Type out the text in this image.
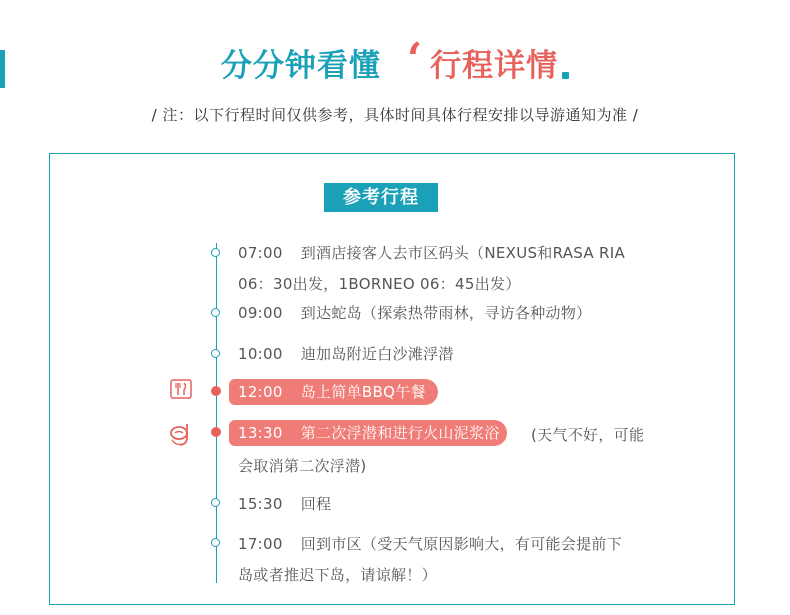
分分钟看懂 ‘ 行程详情
/ 注：以下行程时间仅供参考，具体时间具体行程安排以导游通知为准 /
参考行程
07:00 到酒店接客人去市区码头（NEXUS和RASA RIA
06：30出发，1BORNEO 06：45出发）
09:00 到达蛇岛（探索热带雨林，寻访各种动物）
10:00 迪加岛附近白沙滩浮潜
12:00 岛上简单BBQ午餐
13:30 第二次浮潜和进行火山泥浆浴	(天气不好，可能
会取消第二次浮潜)
15:30 回程
17:00 回到市区（受天气原因影响大，有可能会提前下
岛或者推迟下岛，请谅解！）
